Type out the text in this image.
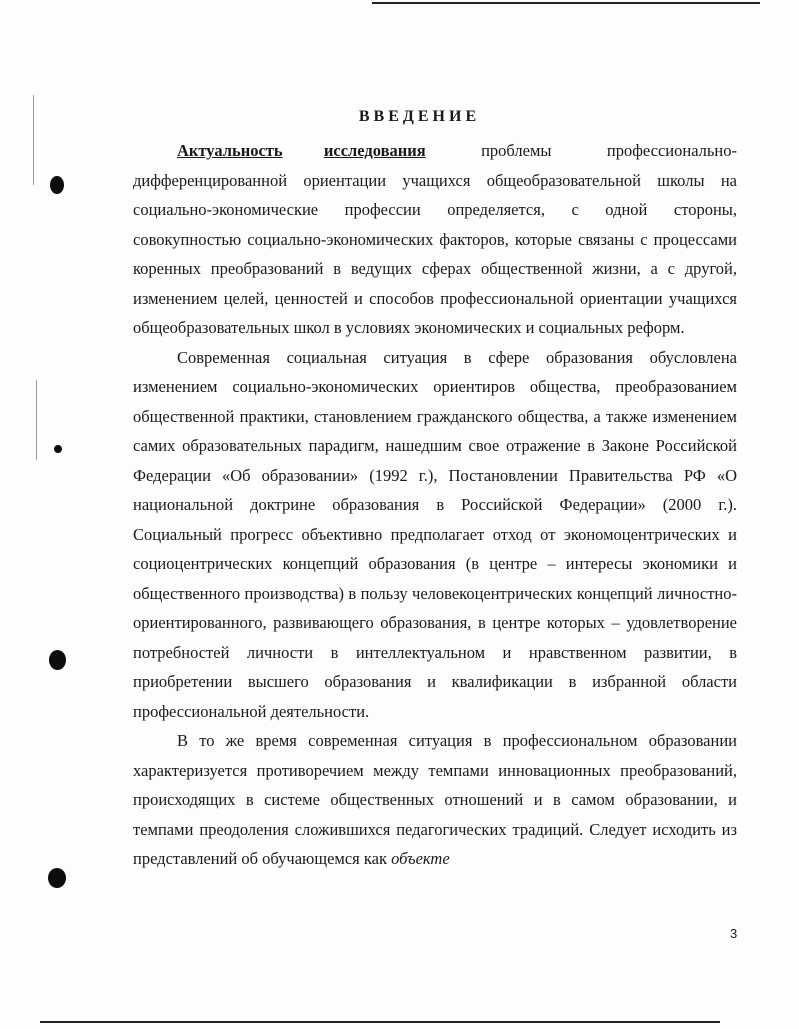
ВВЕДЕНИЕ

Актуальность   	исследования	проблемы профессионально-дифференцированной ориентации учащихся общеобразовательной школы на социально-экономические профессии определяется, с одной стороны, совокупностью социально-экономических факторов, которые связаны с процессами коренных преобразований в ведущих сферах общественной жизни, а с другой, изменением целей, ценностей и способов профессиональной ориентации учащихся общеобразовательных школ в условиях экономических и социальных реформ.

Современная социальная ситуация в сфере образования обусловлена изменением социально-экономических ориентиров общества, преобразованием общественной практики, становлением гражданского общества, а также изменением самих образовательных парадигм, нашедшим свое отражение в Законе Российской Федерации «Об образовании» (1992 г.), Постановлении Правительства РФ «О национальной доктрине образования в Российской Федерации» (2000 г.). Социальный прогресс объективно предполагает отход от экономоцентрических и социоцентрических концепций образования (в центре – интересы экономики и общественного производства) в пользу человекоцентрических концепций личностно-ориентированного, развивающего образования, в центре которых – удовлетворение потребностей личности в интеллектуальном и нравственном развитии, в приобретении высшего образования и квалификации в избранной области профессиональной деятельности.

В то же время современная ситуация в профессиональном образовании характеризуется противоречием между темпами инновационных преобразований, происходящих в системе общественных отношений и в самом образовании, и темпами преодоления сложившихся педагогических традиций. Следует исходить из представлений об обучающемся как объекте

3
